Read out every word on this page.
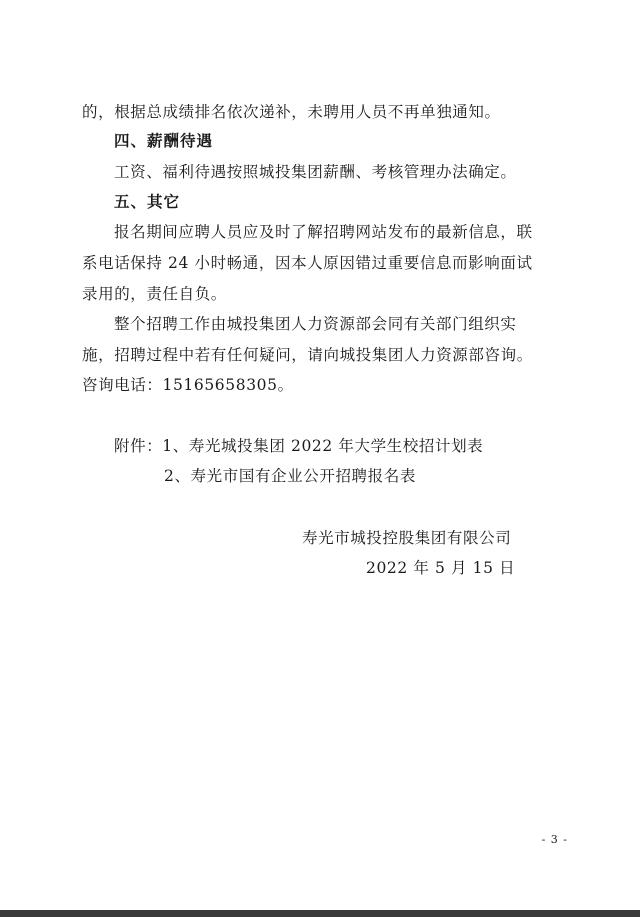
的，根据总成绩排名依次递补，未聘用人员不再单独通知。
四、薪酬待遇
工资、福利待遇按照城投集团薪酬、考核管理办法确定。
五、其它
报名期间应聘人员应及时了解招聘网站发布的最新信息，联
系电话保持 24 小时畅通，因本人原因错过重要信息而影响面试
录用的，责任自负。
整个招聘工作由城投集团人力资源部会同有关部门组织实
施，招聘过程中若有任何疑问，请向城投集团人力资源部咨询。
咨询电话：15165658305。
附件：1、寿光城投集团 2022 年大学生校招计划表
2、寿光市国有企业公开招聘报名表
寿光市城投控股集团有限公司
2022 年 5 月 15 日
- 3 -
